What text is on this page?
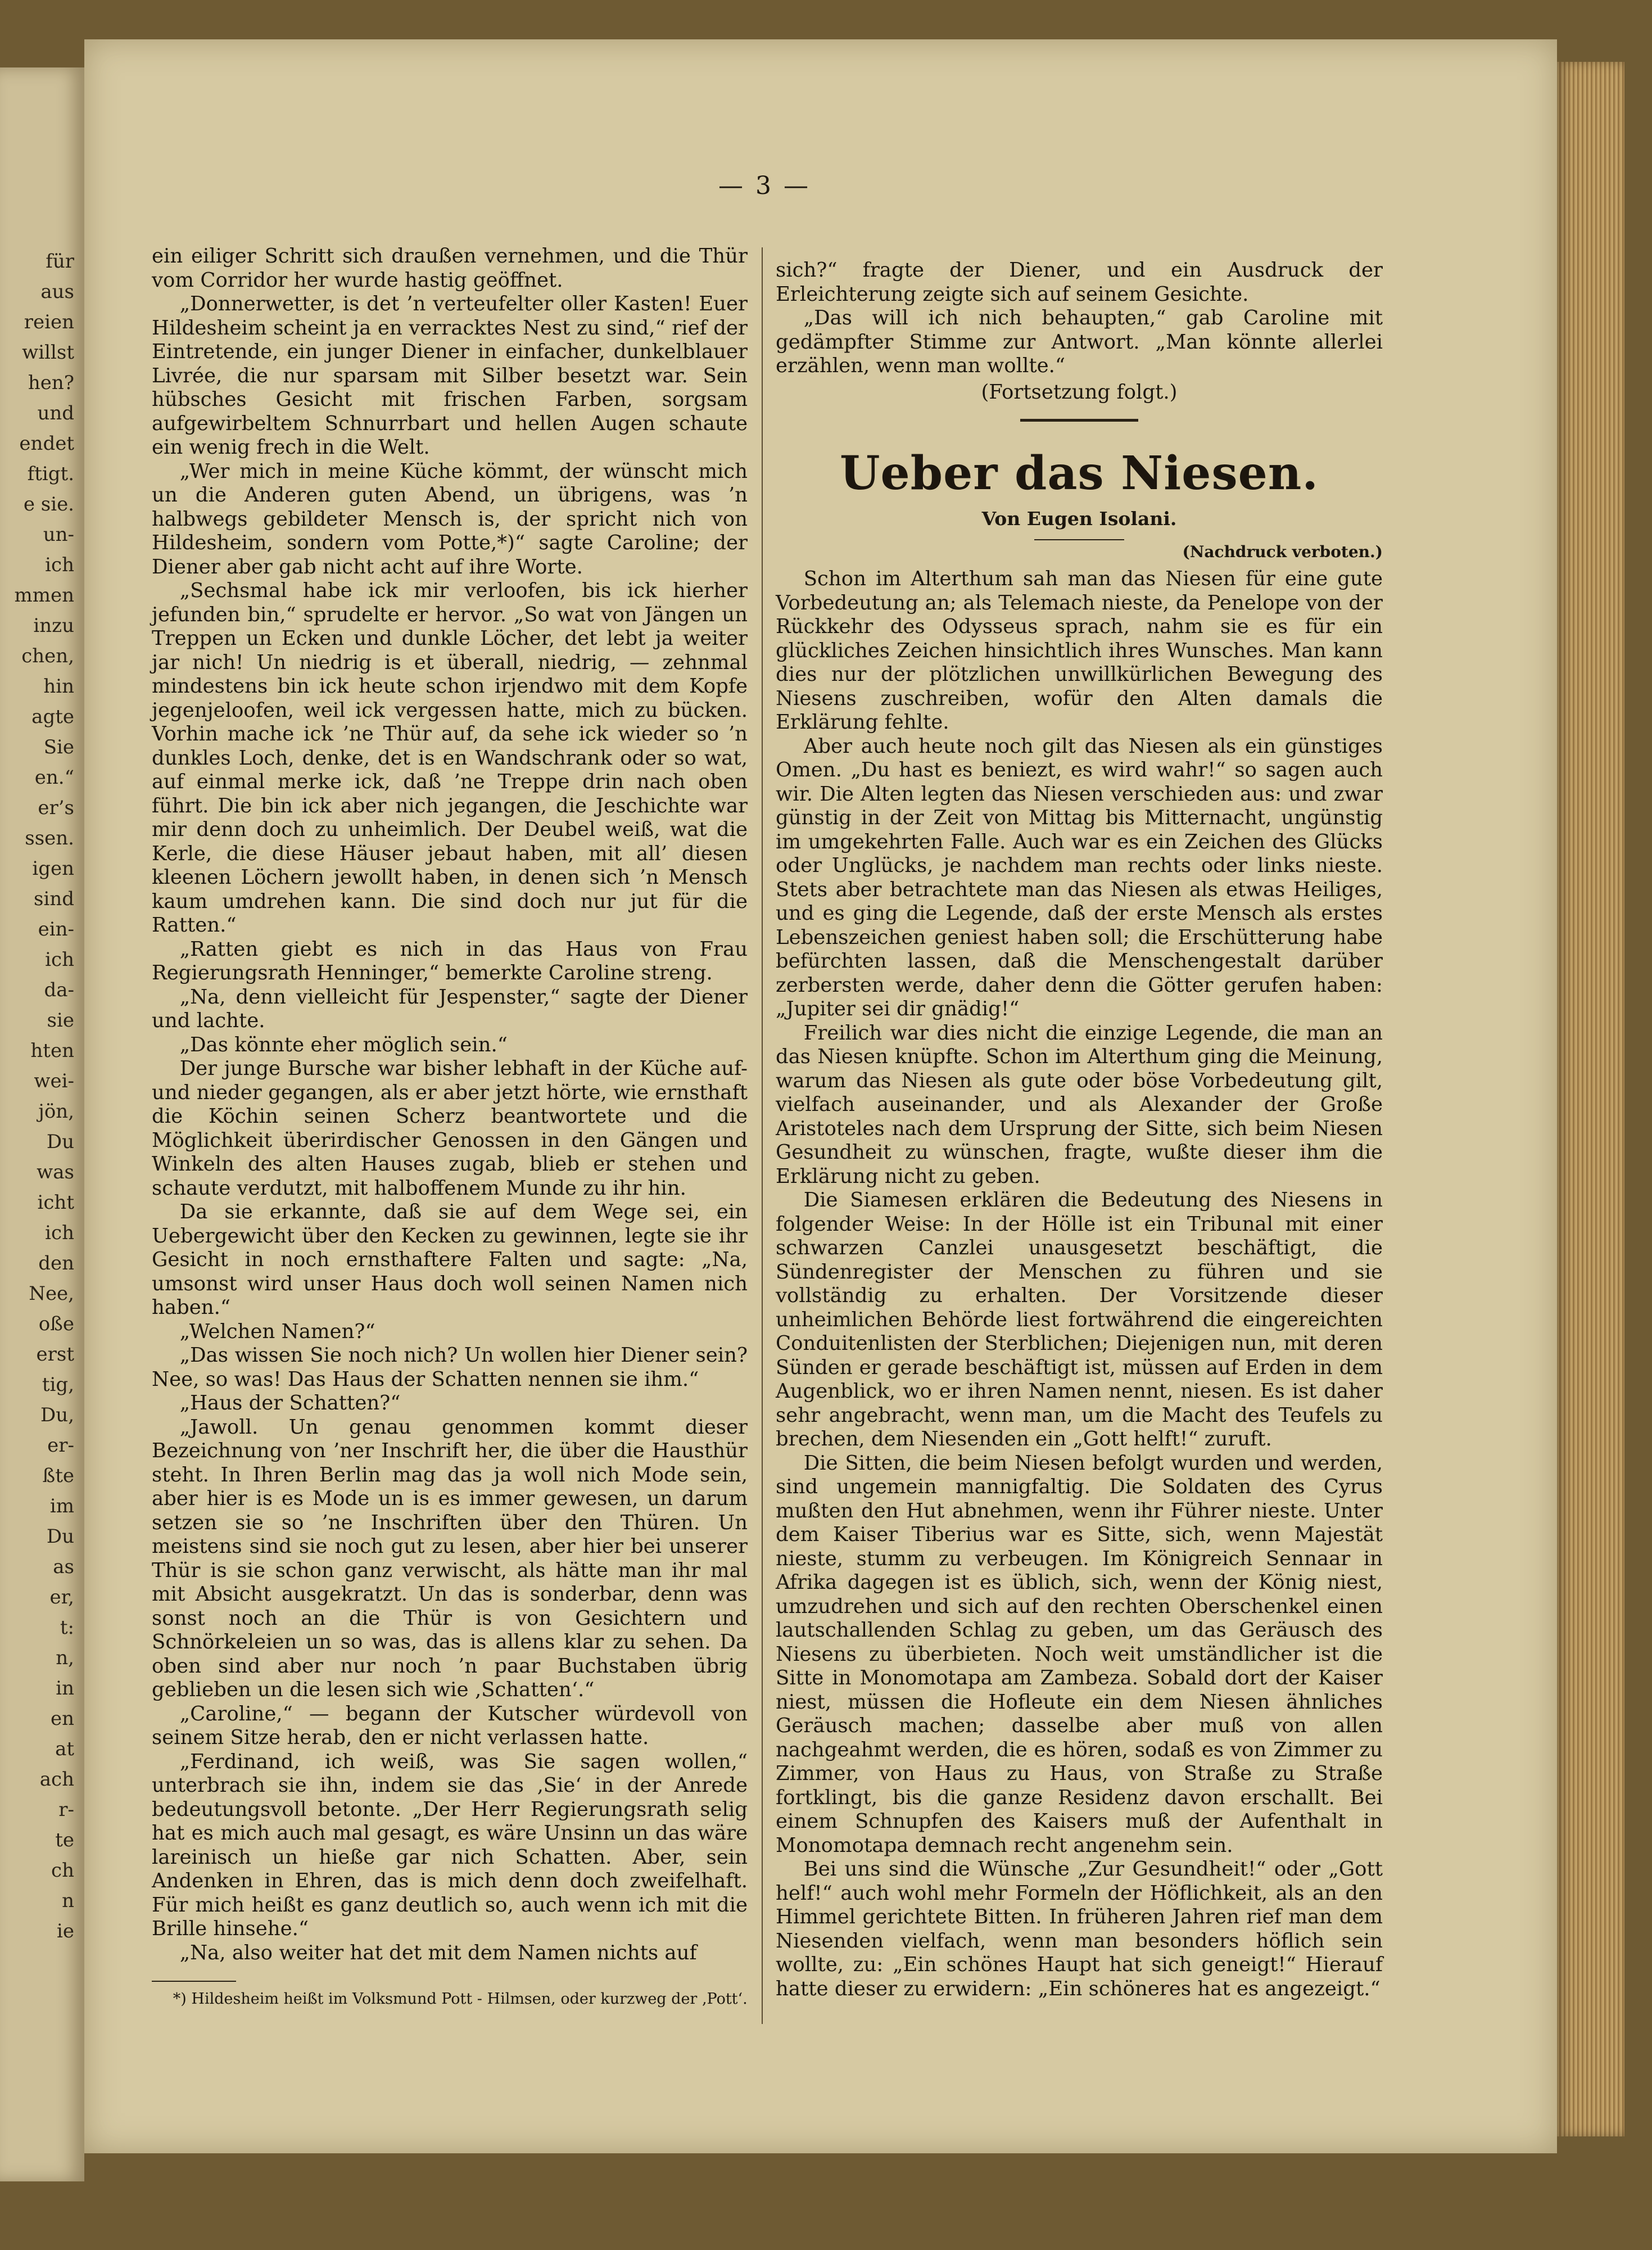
für
aus
reien
willst
hen?
und
endet
ftigt.
e sie.
un-
ich
mmen
inzu
chen,
hin
agte
Sie
en.“
er’s
ssen.
igen
sind
ein-
ich
da-
sie
hten
wei-
jön,
Du
was
icht
ich
den
Nee,
oße
erst
tig,
Du,
er-
ßte
im
Du
as
er,
t:
n,
in
en
at
ach
r-
te
ch
n
ie
— 3 —

ein eiliger Schritt sich draußen vernehmen, und die Thür vom Corridor her wurde hastig geöffnet.

„Donnerwetter, is det ’n verteufelter oller Kasten! Euer Hildesheim scheint ja en verracktes Nest zu sind,“ rief der Eintretende, ein junger Diener in einfacher, dunkelblauer Livrée, die nur sparsam mit Silber besetzt war. Sein hübsches Gesicht mit frischen Farben, sorgsam aufgewirbeltem Schnurrbart und hellen Augen schaute ein wenig frech in die Welt.

„Wer mich in meine Küche kömmt, der wünscht mich un die Anderen guten Abend, un übrigens, was ’n halbwegs gebildeter Mensch is, der spricht nich von Hildesheim, sondern vom Potte,*)“ sagte Caroline; der Diener aber gab nicht acht auf ihre Worte.

„Sechsmal habe ick mir verloofen, bis ick hierher jefunden bin,“ sprudelte er hervor. „So wat von Jängen un Treppen un Ecken und dunkle Löcher, det lebt ja weiter jar nich! Un niedrig is et überall, niedrig, — zehnmal mindestens bin ick heute schon irjendwo mit dem Kopfe jegenjeloofen, weil ick vergessen hatte, mich zu bücken. Vorhin mache ick ’ne Thür auf, da sehe ick wieder so ’n dunkles Loch, denke, det is en Wandschrank oder so wat, auf einmal merke ick, daß ’ne Treppe drin nach oben führt. Die bin ick aber nich jegangen, die Jeschichte war mir denn doch zu unheimlich. Der Deubel weiß, wat die Kerle, die diese Häuser jebaut haben, mit all’ diesen kleenen Löchern jewollt haben, in denen sich ’n Mensch kaum umdrehen kann. Die sind doch nur jut für die Ratten.“

„Ratten giebt es nich in das Haus von Frau Regierungsrath Henninger,“ bemerkte Caroline streng.

„Na, denn vielleicht für Jespenster,“ sagte der Diener und lachte.

„Das könnte eher möglich sein.“

Der junge Bursche war bisher lebhaft in der Küche auf- und nieder gegangen, als er aber jetzt hörte, wie ernsthaft die Köchin seinen Scherz beantwortete und die Möglichkeit überirdischer Genossen in den Gängen und Winkeln des alten Hauses zugab, blieb er stehen und schaute verdutzt, mit halboffenem Munde zu ihr hin.

Da sie erkannte, daß sie auf dem Wege sei, ein Uebergewicht über den Kecken zu gewinnen, legte sie ihr Gesicht in noch ernsthaftere Falten und sagte: „Na, umsonst wird unser Haus doch woll seinen Namen nich haben.“

„Welchen Namen?“

„Das wissen Sie noch nich? Un wollen hier Diener sein? Nee, so was! Das Haus der Schatten nennen sie ihm.“

„Haus der Schatten?“

„Jawoll. Un genau genommen kommt dieser Bezeichnung von ’ner Inschrift her, die über die Hausthür steht. In Ihren Berlin mag das ja woll nich Mode sein, aber hier is es Mode un is es immer gewesen, un darum setzen sie so ’ne Inschriften über den Thüren. Un meistens sind sie noch gut zu lesen, aber hier bei unserer Thür is sie schon ganz verwischt, als hätte man ihr mal mit Absicht ausgekratzt. Un das is sonderbar, denn was sonst noch an die Thür is von Gesichtern und Schnörkeleien un so was, das is allens klar zu sehen. Da oben sind aber nur noch ’n paar Buchstaben übrig geblieben un die lesen sich wie ‚Schatten‘.“

„Caroline,“ — begann der Kutscher würdevoll von seinem Sitze herab, den er nicht verlassen hatte.

„Ferdinand, ich weiß, was Sie sagen wollen,“ unterbrach sie ihn, indem sie das ‚Sie‘ in der Anrede bedeutungsvoll betonte. „Der Herr Regierungsrath selig hat es mich auch mal gesagt, es wäre Unsinn un das wäre lareinisch un hieße gar nich Schatten. Aber, sein Andenken in Ehren, das is mich denn doch zweifelhaft. Für mich heißt es ganz deutlich so, auch wenn ich mit die Brille hinsehe.“

„Na, also weiter hat det mit dem Namen nichts auf

*) Hildesheim heißt im Volksmund Pott - Hilmsen, oder kurzweg der ‚Pott‘.

sich?“ fragte der Diener, und ein Ausdruck der Erleichterung zeigte sich auf seinem Gesichte.

„Das will ich nich behaupten,“ gab Caroline mit gedämpfter Stimme zur Antwort. „Man könnte allerlei erzählen, wenn man wollte.“

(Fortsetzung folgt.)

Ueber das Niesen.
Von Eugen Isolani.
(Nachdruck verboten.)

Schon im Alterthum sah man das Niesen für eine gute Vorbedeutung an; als Telemach nieste, da Penelope von der Rückkehr des Odysseus sprach, nahm sie es für ein glückliches Zeichen hinsichtlich ihres Wunsches. Man kann dies nur der plötzlichen unwillkürlichen Bewegung des Niesens zuschreiben, wofür den Alten damals die Erklärung fehlte.

Aber auch heute noch gilt das Niesen als ein günstiges Omen. „Du hast es beniezt, es wird wahr!“ so sagen auch wir. Die Alten legten das Niesen verschieden aus: und zwar günstig in der Zeit von Mittag bis Mitternacht, ungünstig im umgekehrten Falle. Auch war es ein Zeichen des Glücks oder Unglücks, je nachdem man rechts oder links nieste. Stets aber betrachtete man das Niesen als etwas Heiliges, und es ging die Legende, daß der erste Mensch als erstes Lebenszeichen geniest haben soll; die Erschütterung habe befürchten lassen, daß die Menschengestalt darüber zerbersten werde, daher denn die Götter gerufen haben: „Jupiter sei dir gnädig!“

Freilich war dies nicht die einzige Legende, die man an das Niesen knüpfte. Schon im Alterthum ging die Meinung, warum das Niesen als gute oder böse Vorbedeutung gilt, vielfach auseinander, und als Alexander der Große Aristoteles nach dem Ursprung der Sitte, sich beim Niesen Gesundheit zu wünschen, fragte, wußte dieser ihm die Erklärung nicht zu geben.

Die Siamesen erklären die Bedeutung des Niesens in folgender Weise: In der Hölle ist ein Tribunal mit einer schwarzen Canzlei unausgesetzt beschäftigt, die Sündenregister der Menschen zu führen und sie vollständig zu erhalten. Der Vorsitzende dieser unheimlichen Behörde liest fortwährend die eingereichten Conduitenlisten der Sterblichen; Diejenigen nun, mit deren Sünden er gerade beschäftigt ist, müssen auf Erden in dem Augenblick, wo er ihren Namen nennt, niesen. Es ist daher sehr angebracht, wenn man, um die Macht des Teufels zu brechen, dem Niesenden ein „Gott helft!“ zuruft.

Die Sitten, die beim Niesen befolgt wurden und werden, sind ungemein mannigfaltig. Die Soldaten des Cyrus mußten den Hut abnehmen, wenn ihr Führer nieste. Unter dem Kaiser Tiberius war es Sitte, sich, wenn Majestät nieste, stumm zu verbeugen. Im Königreich Sennaar in Afrika dagegen ist es üblich, sich, wenn der König niest, umzudrehen und sich auf den rechten Oberschenkel einen lautschallenden Schlag zu geben, um das Geräusch des Niesens zu überbieten. Noch weit umständlicher ist die Sitte in Monomotapa am Zambeza. Sobald dort der Kaiser niest, müssen die Hofleute ein dem Niesen ähnliches Geräusch machen; dasselbe aber muß von allen nachgeahmt werden, die es hören, sodaß es von Zimmer zu Zimmer, von Haus zu Haus, von Straße zu Straße fortklingt, bis die ganze Residenz davon erschallt. Bei einem Schnupfen des Kaisers muß der Aufenthalt in Monomotapa demnach recht angenehm sein.

Bei uns sind die Wünsche „Zur Gesundheit!“ oder „Gott helf!“ auch wohl mehr Formeln der Höflichkeit, als an den Himmel gerichtete Bitten. In früheren Jahren rief man dem Niesenden vielfach, wenn man besonders höflich sein wollte, zu: „Ein schönes Haupt hat sich geneigt!“ Hierauf hatte dieser zu erwidern: „Ein schöneres hat es angezeigt.“
